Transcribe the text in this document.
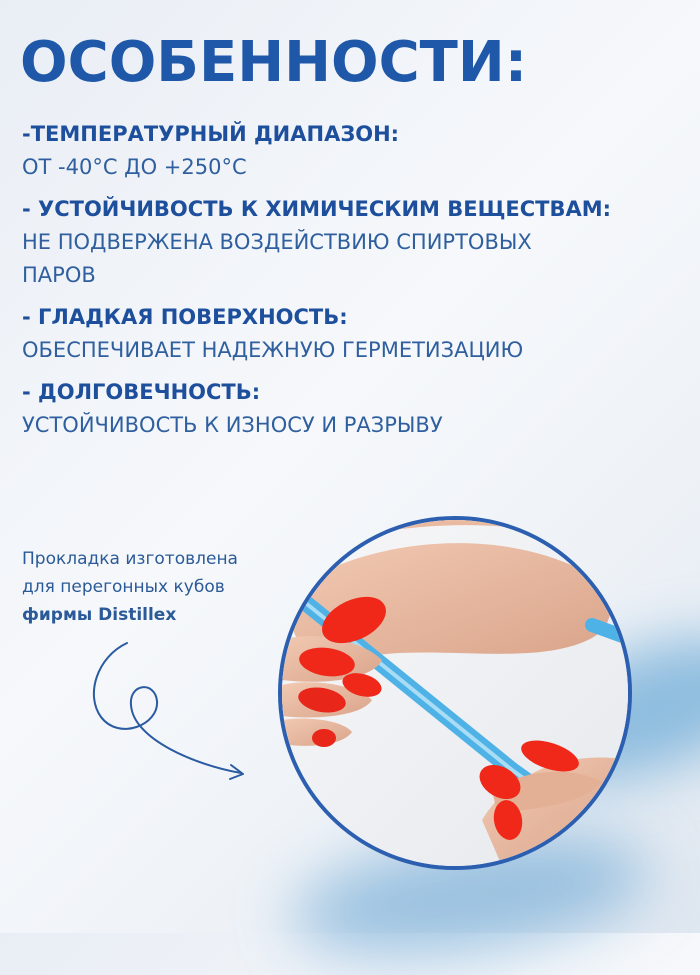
ОСОБЕННОСТИ:
-ТЕМПЕРАТУРНЫЙ ДИАПАЗОН:
ОТ -40°С ДО +250°С
- УСТОЙЧИВОСТЬ К ХИМИЧЕСКИМ ВЕЩЕСТВАМ:
НЕ ПОДВЕРЖЕНА ВОЗДЕЙСТВИЮ СПИРТОВЫХ
ПАРОВ
- ГЛАДКАЯ ПОВЕРХНОСТЬ:
ОБЕСПЕЧИВАЕТ НАДЕЖНУЮ ГЕРМЕТИЗАЦИЮ
- ДОЛГОВЕЧНОСТЬ:
УСТОЙЧИВОСТЬ К ИЗНОСУ И РАЗРЫВУ
Прокладка изготовлена
для перегонных кубов
фирмы Distillex
